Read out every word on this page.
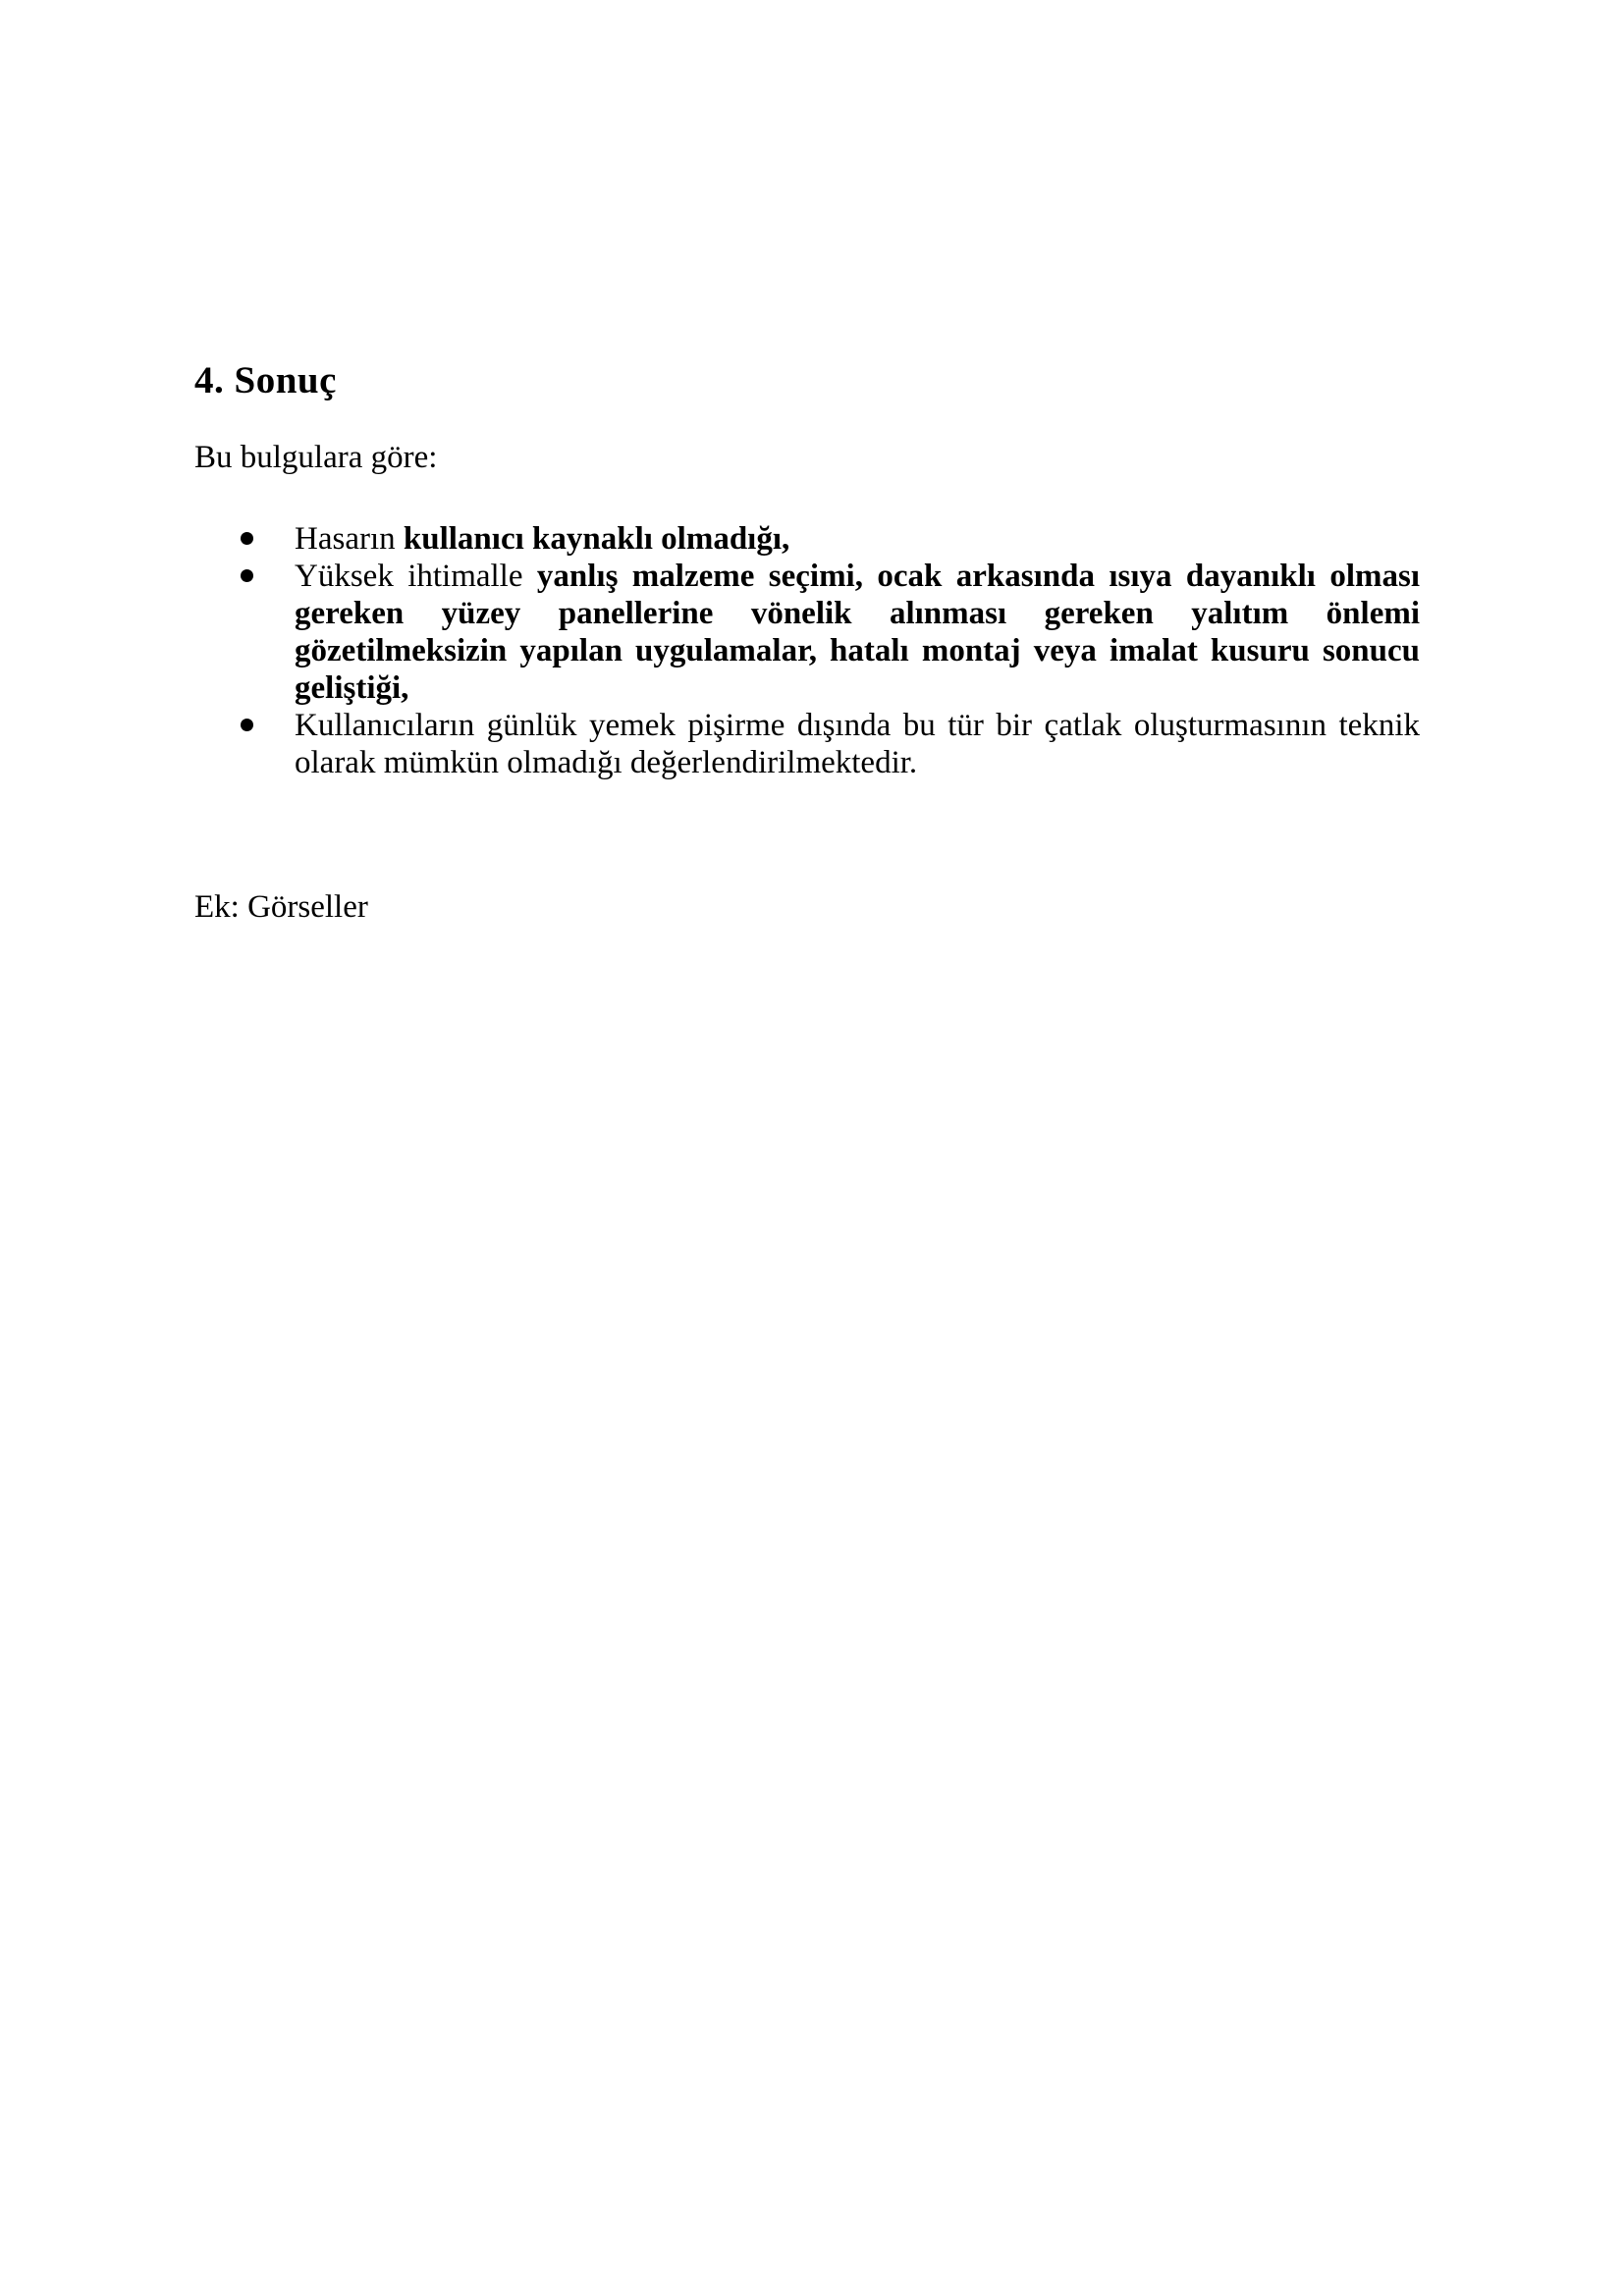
4. Sonuç

Bu bulgulara göre:

Hasarın kullanıcı kaynaklı olmadığı,
Yüksek ihtimalle yanlış malzeme seçimi, ocak arkasında ısıya dayanıklı olması gereken yüzey panellerine vönelik alınması gereken yalıtım önlemi gözetilmeksizin yapılan uygulamalar, hatalı montaj veya imalat kusuru sonucu geliştiği,
Kullanıcıların günlük yemek pişirme dışında bu tür bir çatlak oluşturmasının teknik olarak mümkün olmadığı değerlendirilmektedir.

Ek: Görseller
